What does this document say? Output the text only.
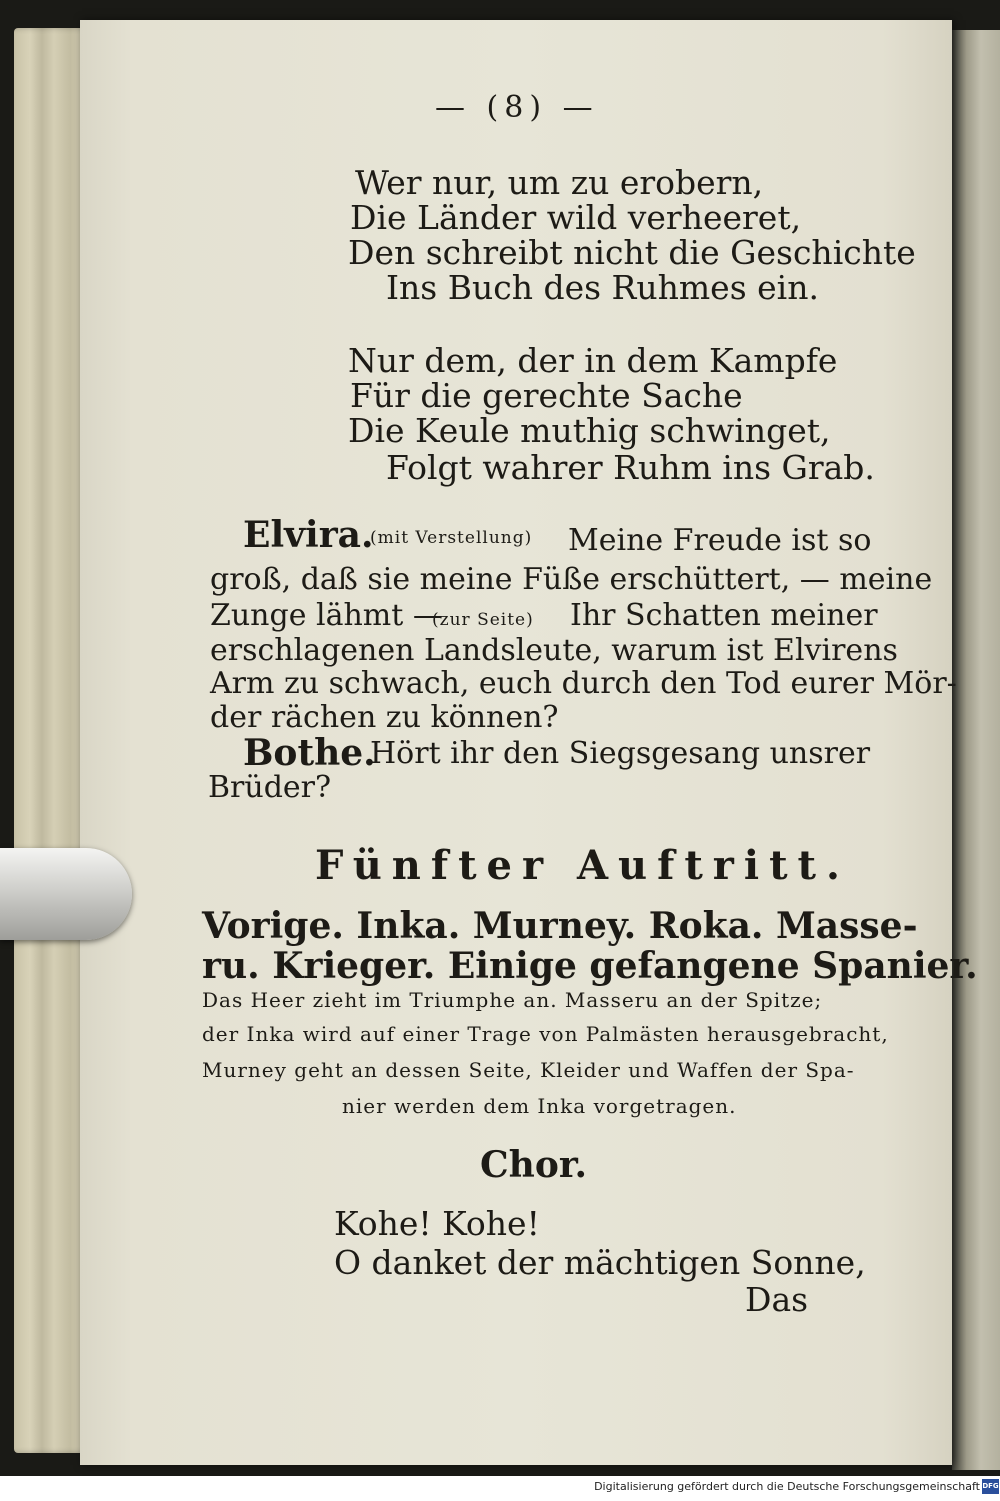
— (8) —
Wer nur, um zu erobern,
Die Länder wild verheeret,
Den schreibt nicht die Geschichte
Ins Buch des Ruhmes ein.
Nur dem, der in dem Kampfe
Für die gerechte Sache
Die Keule muthig schwinget,
Folgt wahrer Ruhm ins Grab.
Elvira.
(mit Verstellung) Meine Freude ist so
groß, daß sie meine Füße erschüttert, — meine
Zunge lähmt —
(zur Seite) Ihr Schatten meiner
erschlagenen Landsleute, warum ist Elvirens
Arm zu schwach, euch durch den Tod eurer Mör-
der rächen zu können?
Bothe.
Hört ihr den Siegsgesang unsrer
Brüder?
Fünfter Auftritt.
Vorige. Inka. Murney. Roka. Masse-
ru. Krieger. Einige gefangene Spanier.
Das Heer zieht im Triumphe an. Masseru an der Spitze;
der Inka wird auf einer Trage von Palmästen herausgebracht,
Murney geht an dessen Seite, Kleider und Waffen der Spa-
nier werden dem Inka vorgetragen.
Chor.
Kohe! Kohe!
O danket der mächtigen Sonne,
Das
Digitalisierung gefördert durch die Deutsche Forschungsgemeinschaft DFG
